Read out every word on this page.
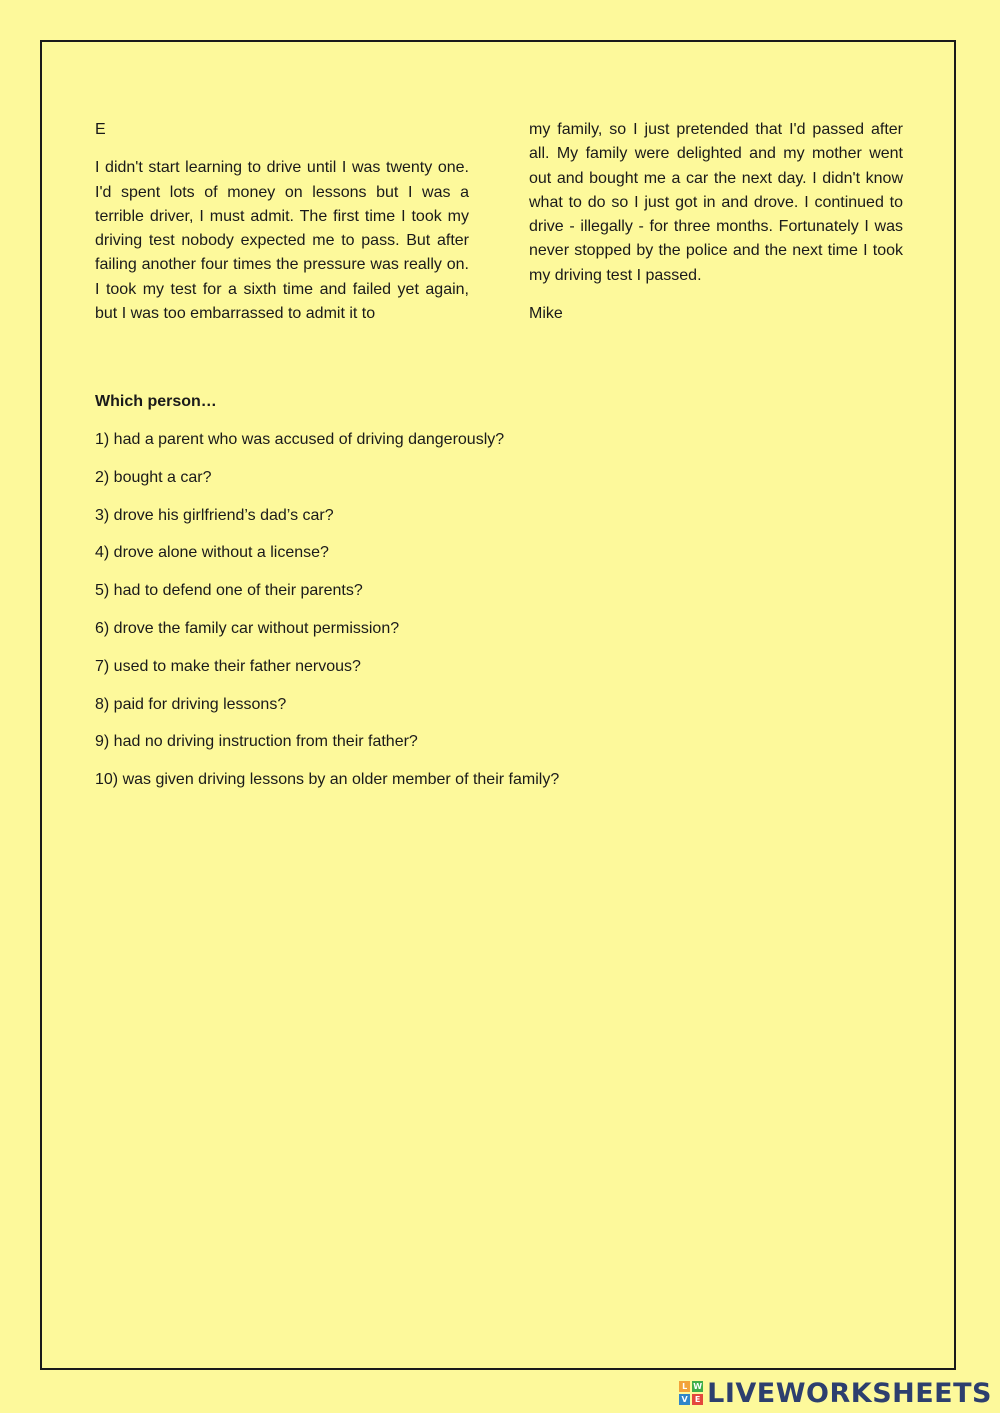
E

I didn't start learning to drive until I was twenty one. I'd spent lots of money on lessons but I was a terrible driver, I must admit. The first time I took my driving test nobody expected me to pass. But after failing another four times the pressure was really on. I took my test for a sixth time and failed yet again, but I was too embarrassed to admit it to

my family, so I just pretended that I'd passed after all. My family were delighted and my mother went out and bought me a car the next day. I didn't know what to do so I just got in and drove. I continued to drive - illegally - for three months. Fortunately I was never stopped by the police and the next time I took my driving test I passed.

Mike

Which person…
1) had a parent who was accused of driving dangerously?
2) bought a car?
3) drove his girlfriend’s dad’s car?
4) drove alone without a license?
5) had to defend one of their parents?
6) drove the family car without permission?
7) used to make their father nervous?
8) paid for driving lessons?
9) had no driving instruction from their father?
10) was given driving lessons by an older member of their family?
L W
V E LIVEWORKSHEETS
